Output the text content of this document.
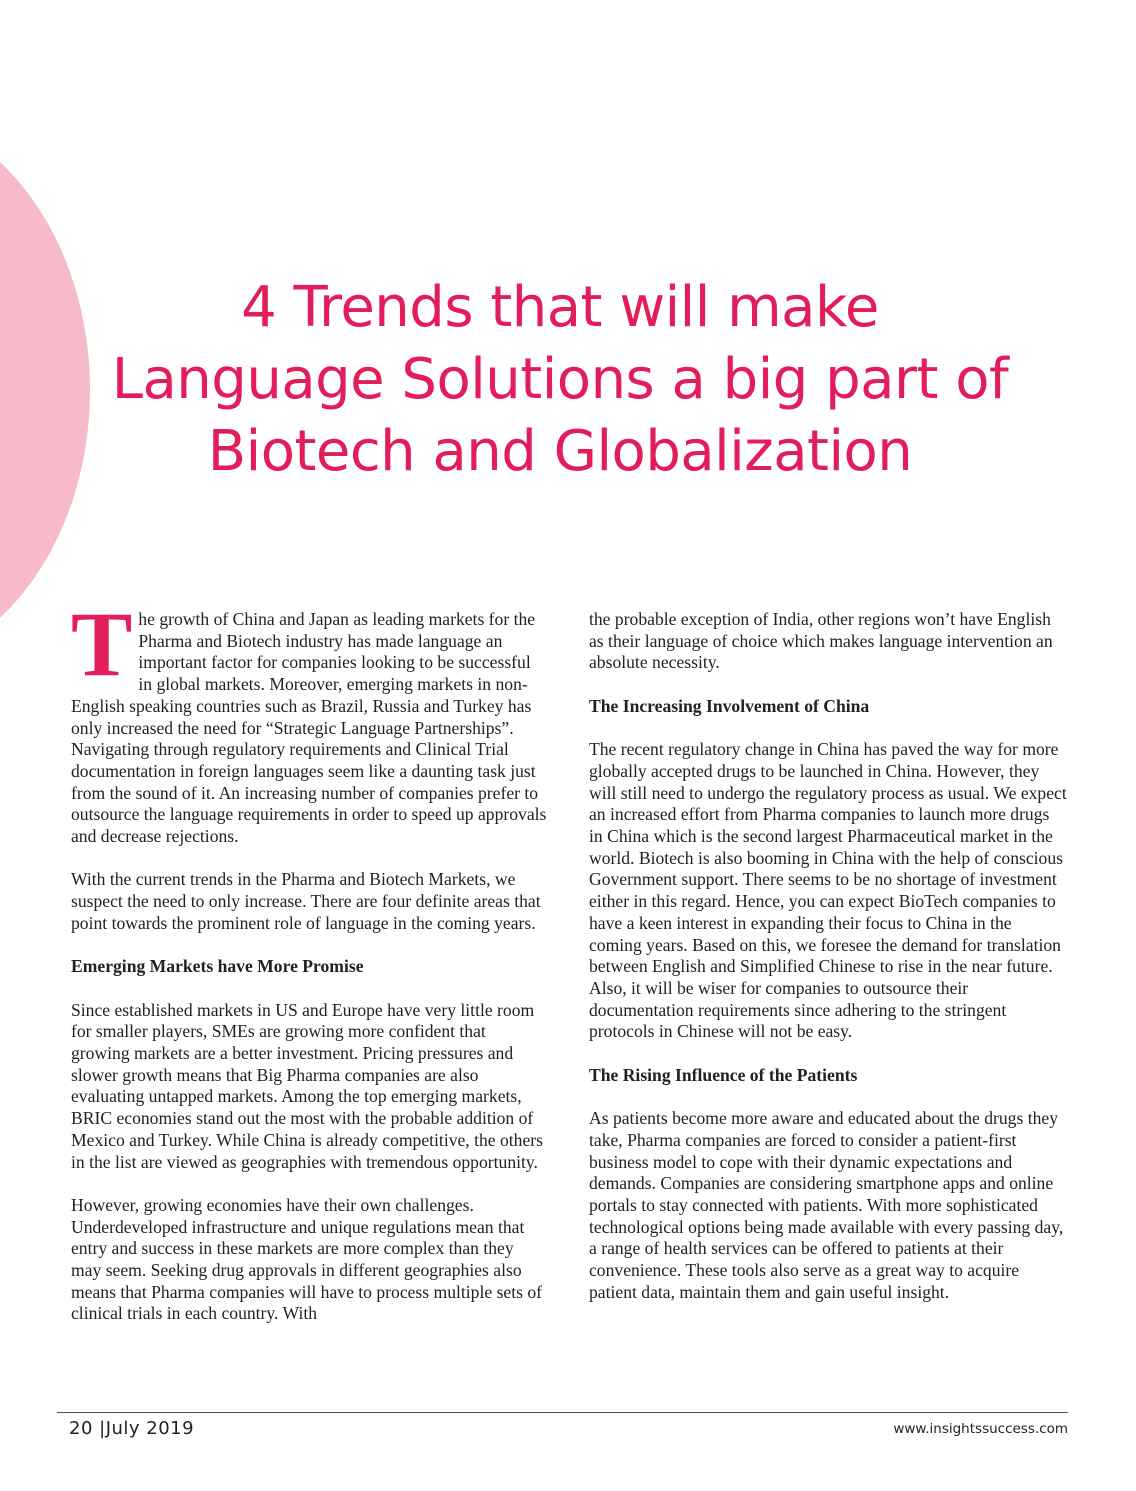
4 Trends that will make
Language Solutions a big part of
Biotech and Globalization

The growth of China and Japan as leading markets for the Pharma and Biotech industry has made language an important factor for companies looking to be successful in global markets. Moreover, emerging markets in non-English speaking countries such as Brazil, Russia and Turkey has only increased the need for “Strategic Language Partnerships”. Navigating through regulatory requirements and Clinical Trial documentation in foreign languages seem like a daunting task just from the sound of it. An increasing number of companies prefer to outsource the language requirements in order to speed up approvals and decrease rejections.

With the current trends in the Pharma and Biotech Markets, we suspect the need to only increase. There are four definite areas that point towards the prominent role of language in the coming years.

Emerging Markets have More Promise

Since established markets in US and Europe have very little room for smaller players, SMEs are growing more confident that growing markets are a better investment. Pricing pressures and slower growth means that Big Pharma companies are also evaluating untapped markets. Among the top emerging markets, BRIC economies stand out the most with the probable addition of Mexico and Turkey. While China is already competitive, the others in the list are viewed as geographies with tremendous opportunity.

However, growing economies have their own challenges. Underdeveloped infrastructure and unique regulations mean that entry and success in these markets are more complex than they may seem. Seeking drug approvals in different geographies also means that Pharma companies will have to process multiple sets of clinical trials in each country. With

the probable exception of India, other regions won’t have English as their language of choice which makes language intervention an absolute necessity.

The Increasing Involvement of China

The recent regulatory change in China has paved the way for more globally accepted drugs to be launched in China. However, they will still need to undergo the regulatory process as usual. We expect an increased effort from Pharma companies to launch more drugs in China which is the second largest Pharmaceutical market in the world. Biotech is also booming in China with the help of conscious Government support. There seems to be no shortage of investment either in this regard. Hence, you can expect BioTech companies to have a keen interest in expanding their focus to China in the coming years. Based on this, we foresee the demand for translation between English and Simplified Chinese to rise in the near future. Also, it will be wiser for companies to outsource their documentation requirements since adhering to the stringent protocols in Chinese will not be easy.

The Rising Influence of the Patients

As patients become more aware and educated about the drugs they take, Pharma companies are forced to consider a patient-first business model to cope with their dynamic expectations and demands. Companies are considering smartphone apps and online portals to stay connected with patients. With more sophisticated technological options being made available with every passing day, a range of health services can be offered to patients at their convenience. These tools also serve as a great way to acquire patient data, maintain them and gain useful insight.

20 |July 2019	www.insightssuccess.com
